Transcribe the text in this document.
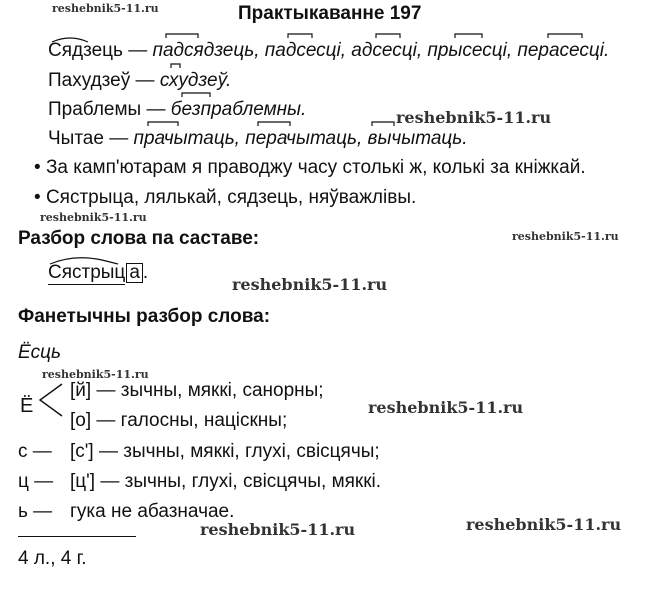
Практыкаванне 197
Сядзець — падсядзець, падсесці, адсесці, прысесці, перасесці.
Пахудзеў — схудзеў.
Праблемы — безпраблемны.
Чытае — прачытаць, перачытаць, вычытаць.
• За камп'ютарам я праводжу часу столькі ж, колькі за кніжкай.
• Сястрыца, лялькай, сядзець, няўважлівы.
Разбор слова па саставе:
Сястрыц а .
Фанетычны разбор слова:
Ёсць
Ё
[й] — зычны, мяккі, санорны;
[о] — галосны, націскны;
с — [с'] — зычны, мяккі, глухі, свісцячы;
ц — [ц'] — зычны, глухі, свісцячы, мяккі.
ь — гука не абазначае.
4 л., 4 г.
reshebnik5-11.ru
reshebnik5-11.ru
reshebnik5-11.ru
reshebnik5-11.ru
reshebnik5-11.ru
reshebnik5-11.ru
reshebnik5-11.ru
reshebnik5-11.ru	reshebnik5-11.ru
